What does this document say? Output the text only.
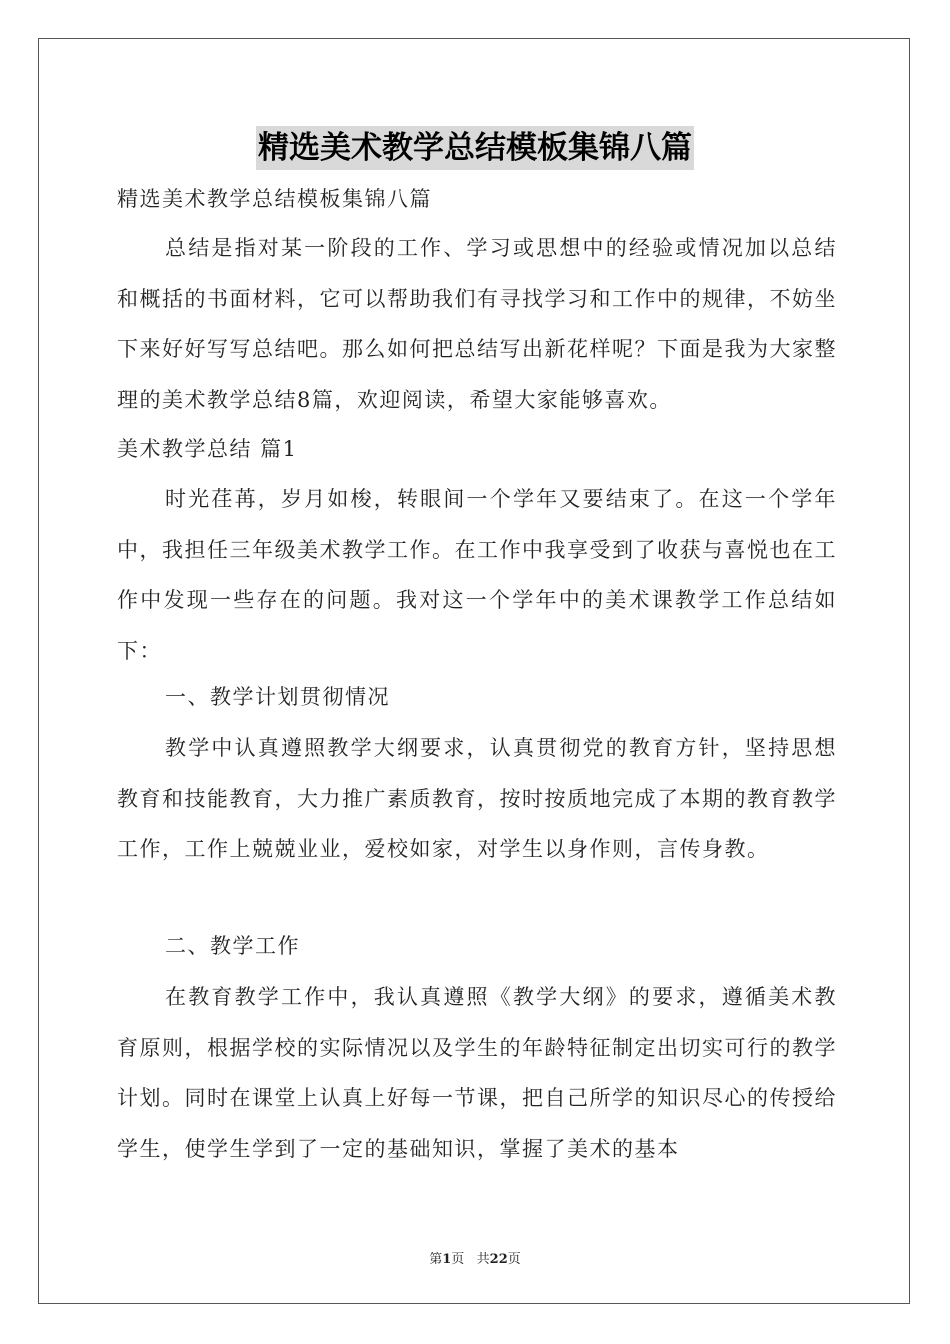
精选美术教学总结模板集锦八篇

精选美术教学总结模板集锦八篇

总结是指对某一阶段的工作、学习或思想中的经验或情况加以总结和概括的书面材料，它可以帮助我们有寻找学习和工作中的规律，不妨坐下来好好写写总结吧。那么如何把总结写出新花样呢？下面是我为大家整理的美术教学总结8篇，欢迎阅读，希望大家能够喜欢。

美术教学总结 篇1

时光荏苒，岁月如梭，转眼间一个学年又要结束了。在这一个学年中，我担任三年级美术教学工作。在工作中我享受到了收获与喜悦也在工作中发现一些存在的问题。我对这一个学年中的美术课教学工作总结如下：

一、教学计划贯彻情况

教学中认真遵照教学大纲要求，认真贯彻党的教育方针，坚持思想教育和技能教育，大力推广素质教育，按时按质地完成了本期的教育教学工作，工作上兢兢业业，爱校如家，对学生以身作则，言传身教。

二、教学工作

在教育教学工作中，我认真遵照《教学大纲》的要求，遵循美术教育原则，根据学校的实际情况以及学生的年龄特征制定出切实可行的教学计划。同时在课堂上认真上好每一节课，把自己所学的知识尽心的传授给学生，使学生学到了一定的基础知识，掌握了美术的基本

第1页   共22页
